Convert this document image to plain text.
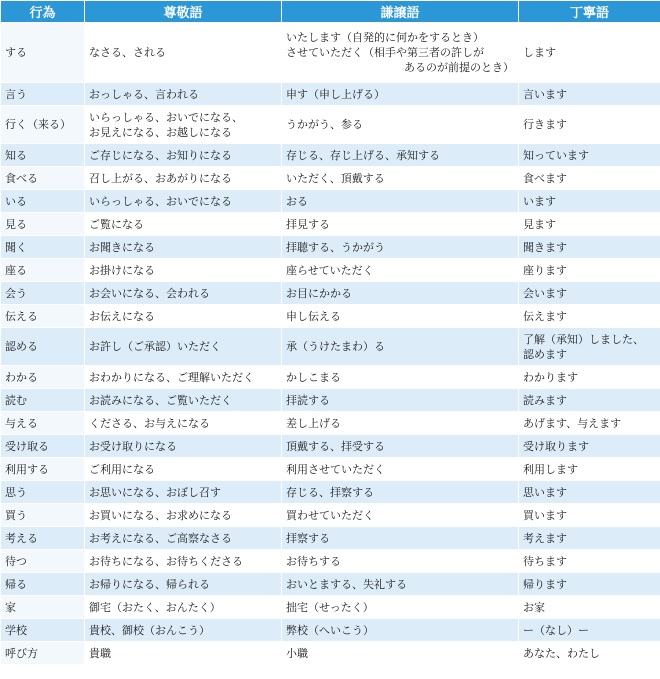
行為	尊敬語	謙譲語	丁寧語
する	なさる、される	いたします（自発的に何かをするとき）
させていただく（相手や第三者の許しが
あるのが前提のとき）	します

言う	おっしゃる、言われる	申す（申し上げる）	言います

行く（来る）	いらっしゃる、おいでになる、
お見えになる、お越しになる	うかがう、参る	行きます

知る	ご存じになる、お知りになる	存じる、存じ上げる、承知する	知っています

食べる	召し上がる、おあがりになる	いただく、頂戴する	食べます

いる	いらっしゃる、おいでになる	おる	います

見る	ご覧になる	拝見する	見ます

聞く	お聞きになる	拝聴する、うかがう	聞きます

座る	お掛けになる	座らせていただく	座ります

会う	お会いになる、会われる	お目にかかる	会います

伝える	お伝えになる	申し伝える	伝えます

認める	お許し（ご承認）いただく	承（うけたまわ）る	了解（承知）しました、
認めます

わかる	おわかりになる、ご理解いただく	かしこまる	わかります

読む	お読みになる、ご覧いただく	拝読する	読みます

与える	くださる、お与えになる	差し上げる	あげます、与えます

受け取る	お受け取りになる	頂戴する、拝受する	受け取ります

利用する	ご利用になる	利用させていただく	利用します

思う	お思いになる、おぼし召す	存じる、拝察する	思います

買う	お買いになる、お求めになる	買わせていただく	買います

考える	お考えになる、ご高察なさる	拝察する	考えます

待つ	お待ちになる、お待ちくださる	お待ちする	待ちます

帰る	お帰りになる、帰られる	おいとまする、失礼する	帰ります

家	御宅（おたく、おんたく）	拙宅（せったく）	お家

学校	貴校、御校（おんこう）	弊校（へいこう）	ー（なし）ー

呼び方	貴職	小職	あなた、わたし
